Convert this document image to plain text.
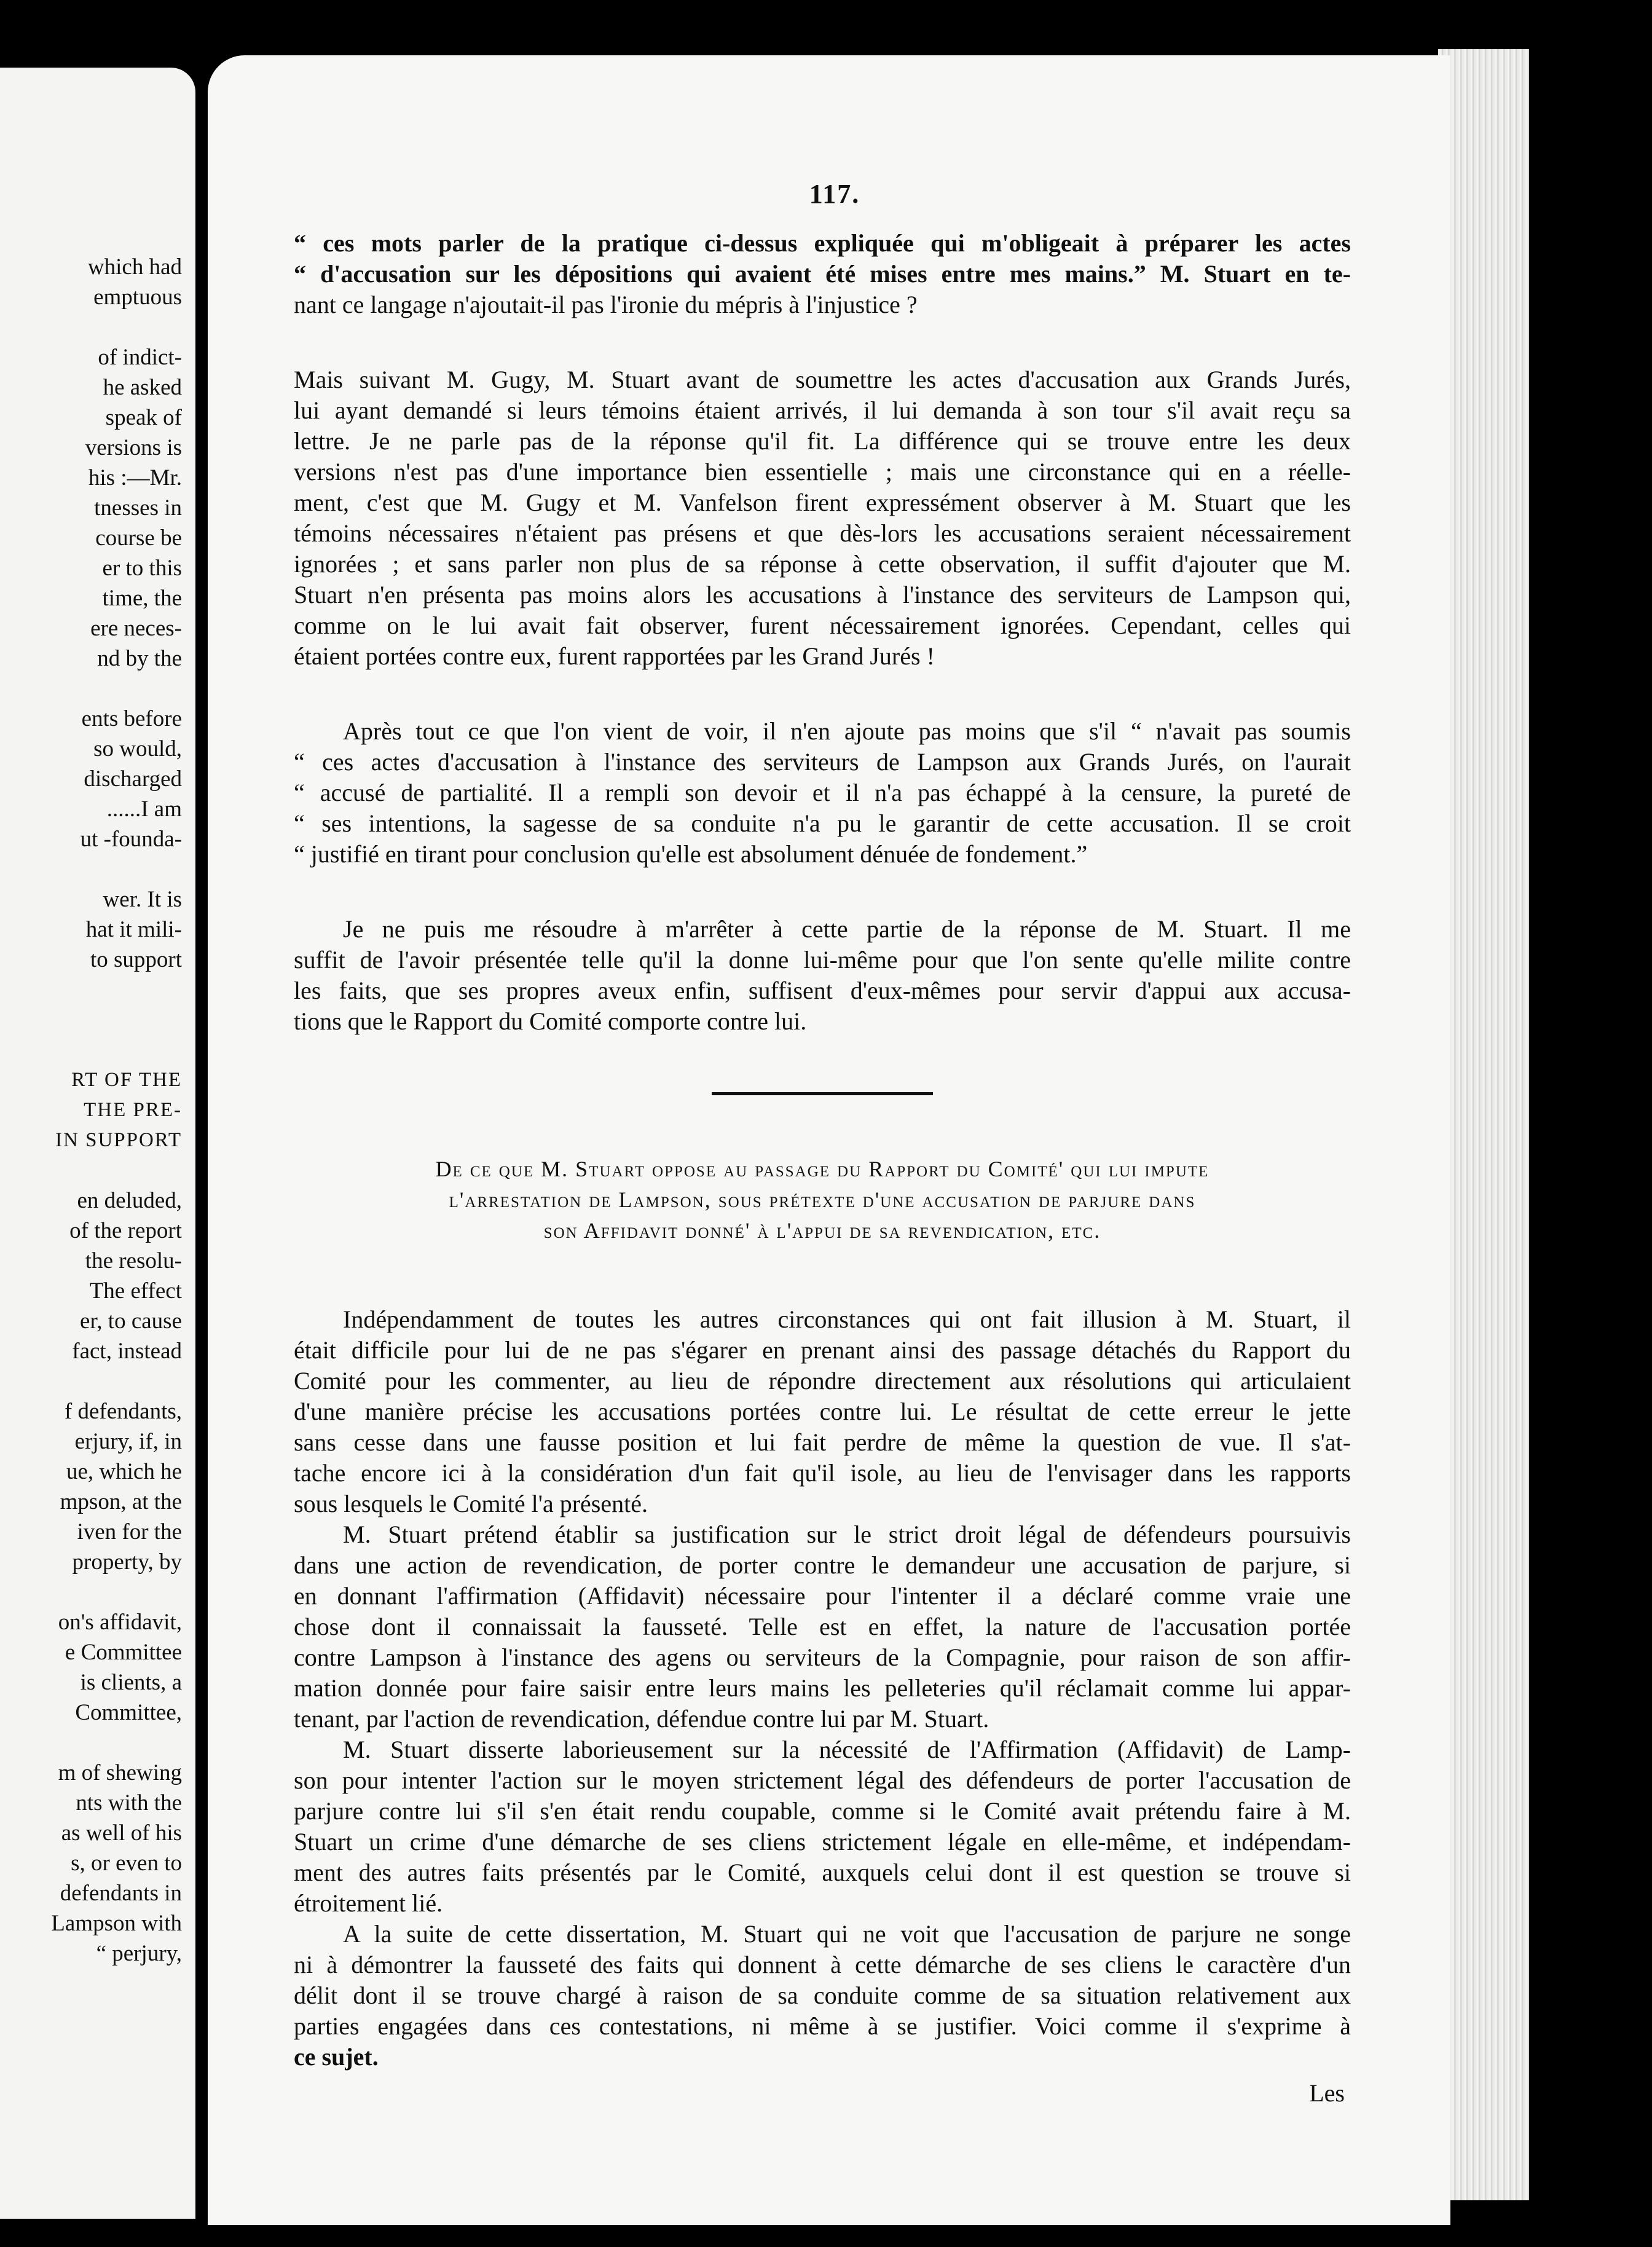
which had
emptuous
of indict-
he asked
speak of
versions is
his :—Mr.
tnesses in
course be
er to this
time, the
ere neces-
nd by the
ents before
so would,
discharged
......I am
ut -founda-
wer. It is
hat it mili-
to support
RT OF THE
THE PRE-
IN SUPPORT
en deluded,
of the report
the resolu-
The effect
er, to cause
fact, instead
f defendants,
erjury, if, in
ue, which he
mpson, at the
iven for the
property, by
on's affidavit,
e Committee
is clients, a
Committee,
m of shewing
nts with the
as well of his
s, or even to
defendants in
Lampson with
“ perjury,
117.
“ ces mots parler de la pratique ci-dessus expliquée qui m'obligeait à préparer les actes
“ d'accusation sur les dépositions qui avaient été mises entre mes mains.” M. Stuart en te-
nant ce langage n'ajoutait-il pas l'ironie du mépris à l'injustice ?
Mais suivant M. Gugy, M. Stuart avant de soumettre les actes d'accusation aux Grands Jurés,
lui ayant demandé si leurs témoins étaient arrivés, il lui demanda à son tour s'il avait reçu sa
lettre. Je ne parle pas de la réponse qu'il fit. La différence qui se trouve entre les deux
versions n'est pas d'une importance bien essentielle ; mais une circonstance qui en a réelle-
ment, c'est que M. Gugy et M. Vanfelson firent expressément observer à M. Stuart que les
témoins nécessaires n'étaient pas présens et que dès-lors les accusations seraient nécessairement
ignorées ; et sans parler non plus de sa réponse à cette observation, il suffit d'ajouter que M.
Stuart n'en présenta pas moins alors les accusations à l'instance des serviteurs de Lampson qui,
comme on le lui avait fait observer, furent nécessairement ignorées. Cependant, celles qui
étaient portées contre eux, furent rapportées par les Grand Jurés !
Après tout ce que l'on vient de voir, il n'en ajoute pas moins que s'il “ n'avait pas soumis
“ ces actes d'accusation à l'instance des serviteurs de Lampson aux Grands Jurés, on l'aurait
“ accusé de partialité. Il a rempli son devoir et il n'a pas échappé à la censure, la pureté de
“ ses intentions, la sagesse de sa conduite n'a pu le garantir de cette accusation. Il se croit
“ justifié en tirant pour conclusion qu'elle est absolument dénuée de fondement.”
Je ne puis me résoudre à m'arrêter à cette partie de la réponse de M. Stuart. Il me
suffit de l'avoir présentée telle qu'il la donne lui-même pour que l'on sente qu'elle milite contre
les faits, que ses propres aveux enfin, suffisent d'eux-mêmes pour servir d'appui aux accusa-
tions que le Rapport du Comité comporte contre lui.
De ce que M. Stuart oppose au passage du Rapport du Comité' qui lui impute
l'arrestation de Lampson, sous prétexte d'une accusation de parjure dans
son Affidavit donné' à l'appui de sa revendication, etc.
Indépendamment de toutes les autres circonstances qui ont fait illusion à M. Stuart, il
était difficile pour lui de ne pas s'égarer en prenant ainsi des passage détachés du Rapport du
Comité pour les commenter, au lieu de répondre directement aux résolutions qui articulaient
d'une manière précise les accusations portées contre lui. Le résultat de cette erreur le jette
sans cesse dans une fausse position et lui fait perdre de même la question de vue. Il s'at-
tache encore ici à la considération d'un fait qu'il isole, au lieu de l'envisager dans les rapports
sous lesquels le Comité l'a présenté.
M. Stuart prétend établir sa justification sur le strict droit légal de défendeurs poursuivis
dans une action de revendication, de porter contre le demandeur une accusation de parjure, si
en donnant l'affirmation (Affidavit) nécessaire pour l'intenter il a déclaré comme vraie une
chose dont il connaissait la fausseté. Telle est en effet, la nature de l'accusation portée
contre Lampson à l'instance des agens ou serviteurs de la Compagnie, pour raison de son affir-
mation donnée pour faire saisir entre leurs mains les pelleteries qu'il réclamait comme lui appar-
tenant, par l'action de revendication, défendue contre lui par M. Stuart.
M. Stuart disserte laborieusement sur la nécessité de l'Affirmation (Affidavit) de Lamp-
son pour intenter l'action sur le moyen strictement légal des défendeurs de porter l'accusation de
parjure contre lui s'il s'en était rendu coupable, comme si le Comité avait prétendu faire à M.
Stuart un crime d'une démarche de ses cliens strictement légale en elle-même, et indépendam-
ment des autres faits présentés par le Comité, auxquels celui dont il est question se trouve si
étroitement lié.
A la suite de cette dissertation, M. Stuart qui ne voit que l'accusation de parjure ne songe
ni à démontrer la fausseté des faits qui donnent à cette démarche de ses cliens le caractère d'un
délit dont il se trouve chargé à raison de sa conduite comme de sa situation relativement aux
parties engagées dans ces contestations, ni même à se justifier. Voici comme il s'exprime à
ce sujet.
Les
